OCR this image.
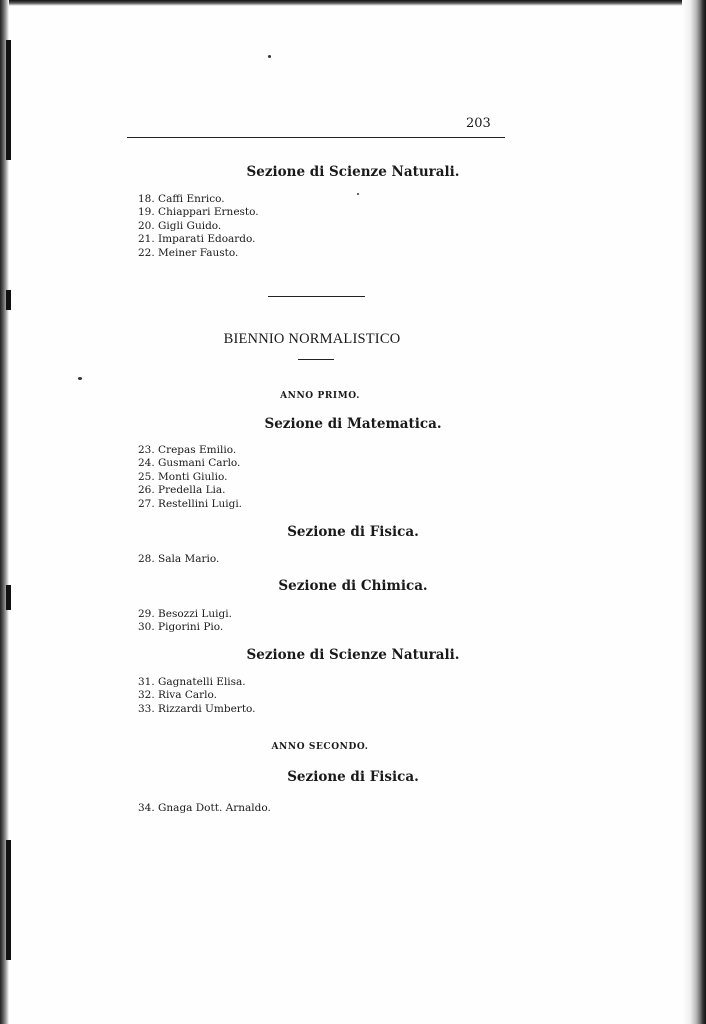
203
Sezione di Scienze Naturali.
18. Caffi Enrico.
19. Chiappari Ernesto.
20. Gigli Guido.
21. Imparati Edoardo.
22. Meiner Fausto.
BIENNIO NORMALISTICO
ANNO PRIMO.
Sezione di Matematica.
23. Crepas Emilio.
24. Gusmani Carlo.
25. Monti Giulio.
26. Predella Lia.
27. Restellini Luigi.
Sezione di Fisica.
28. Sala Mario.
Sezione di Chimica.
29. Besozzi Luigi.
30. Pigorini Pio.
Sezione di Scienze Naturali.
31. Gagnatelli Elisa.
32. Riva Carlo.
33. Rizzardi Umberto.
ANNO SECONDO.
Sezione di Fisica.
34. Gnaga Dott. Arnaldo.
